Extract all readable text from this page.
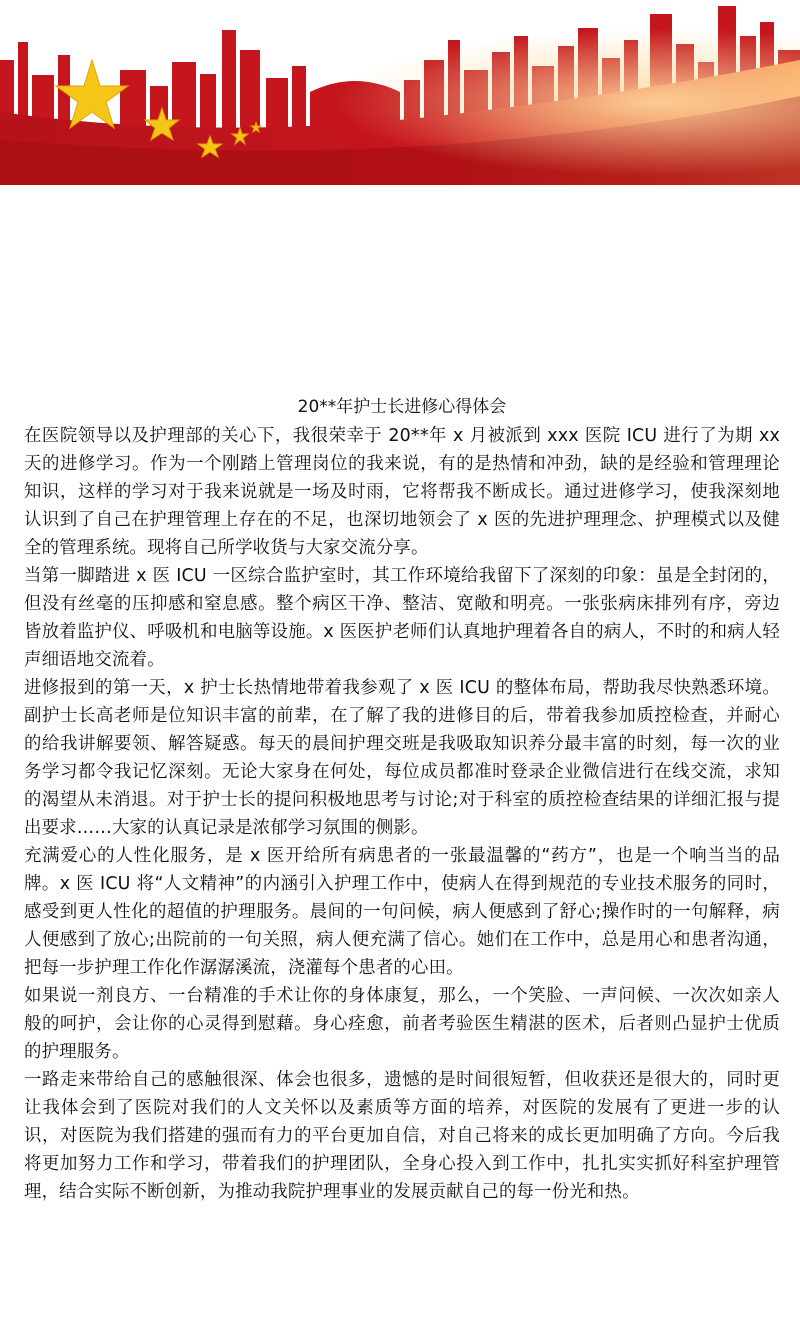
20**年护士长进修心得体会

在医院领导以及护理部的关心下，我很荣幸于 20**年 x 月被派到 xxx 医院 ICU 进行了为期 xx 天的进修学习。作为一个刚踏上管理岗位的我来说，有的是热情和冲劲，缺的是经验和管理理论知识，这样的学习对于我来说就是一场及时雨，它将帮我不断成长。通过进修学习，使我深刻地认识到了自己在护理管理上存在的不足，也深切地领会了 x 医的先进护理理念、护理模式以及健全的管理系统。现将自己所学收货与大家交流分享。

当第一脚踏进 x 医 ICU 一区综合监护室时，其工作环境给我留下了深刻的印象：虽是全封闭的，但没有丝毫的压抑感和窒息感。整个病区干净、整洁、宽敞和明亮。一张张病床排列有序，旁边皆放着监护仪、呼吸机和电脑等设施。x 医医护老师们认真地护理着各自的病人，不时的和病人轻声细语地交流着。

进修报到的第一天，x 护士长热情地带着我参观了 x 医 ICU 的整体布局，帮助我尽快熟悉环境。副护士长高老师是位知识丰富的前辈，在了解了我的进修目的后，带着我参加质控检查，并耐心的给我讲解要领、解答疑惑。每天的晨间护理交班是我吸取知识养分最丰富的时刻，每一次的业务学习都令我记忆深刻。无论大家身在何处，每位成员都准时登录企业微信进行在线交流，求知的渴望从未消退。对于护士长的提问积极地思考与讨论;对于科室的质控检查结果的详细汇报与提出要求……大家的认真记录是浓郁学习氛围的侧影。

充满爱心的人性化服务，是 x 医开给所有病患者的一张最温馨的“药方”，也是一个响当当的品牌。x 医 ICU 将“人文精神”的内涵引入护理工作中，使病人在得到规范的专业技术服务的同时，感受到更人性化的超值的护理服务。晨间的一句问候，病人便感到了舒心;操作时的一句解释，病人便感到了放心;出院前的一句关照，病人便充满了信心。她们在工作中，总是用心和患者沟通，把每一步护理工作化作潺潺溪流，浇灌每个患者的心田。

如果说一剂良方、一台精准的手术让你的身体康复，那么，一个笑脸、一声问候、一次次如亲人般的呵护，会让你的心灵得到慰藉。身心痊愈，前者考验医生精湛的医术，后者则凸显护士优质的护理服务。

一路走来带给自己的感触很深、体会也很多，遗憾的是时间很短暂，但收获还是很大的，同时更让我体会到了医院对我们的人文关怀以及素质等方面的培养，对医院的发展有了更进一步的认识，对医院为我们搭建的强而有力的平台更加自信，对自己将来的成长更加明确了方向。今后我将更加努力工作和学习，带着我们的护理团队，全身心投入到工作中，扎扎实实抓好科室护理管理，结合实际不断创新，为推动我院护理事业的发展贡献自己的每一份光和热。
